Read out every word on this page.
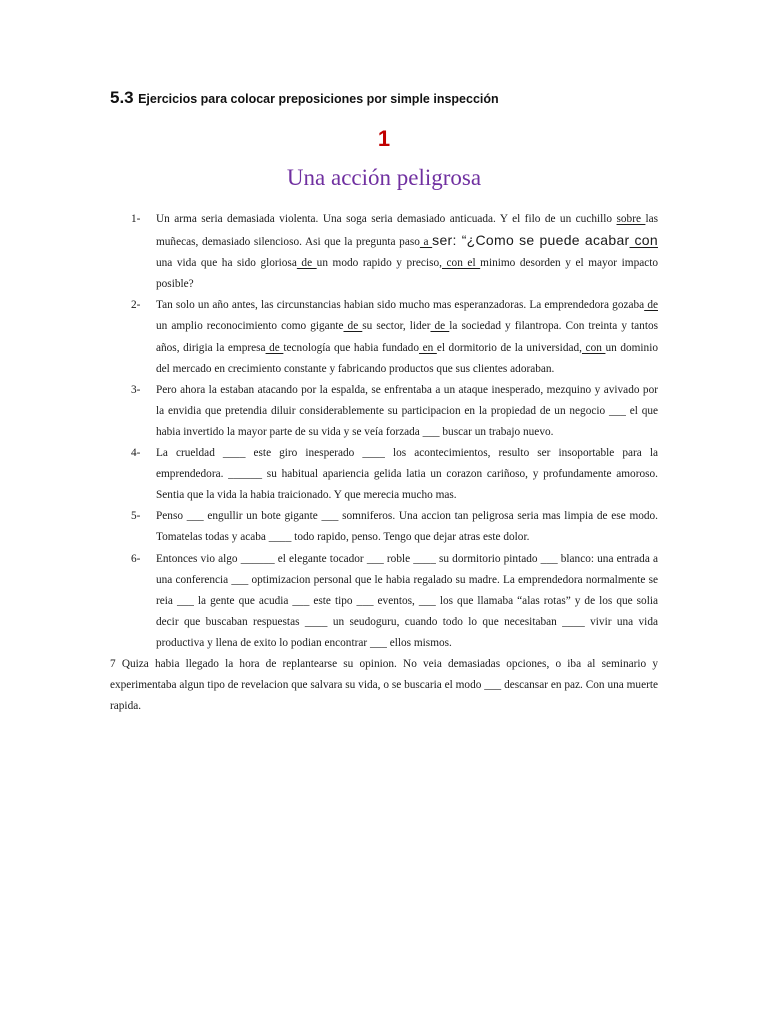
5.3 Ejercicios para colocar preposiciones por simple inspección
1
Una acción peligrosa
1- Un arma seria demasiada violenta. Una soga seria demasiado anticuada. Y el filo de un cuchillo sobre las muñecas, demasiado silencioso. Asi que la pregunta paso a ser: “¿Como se puede acabar con una vida que ha sido gloriosa de un modo rapido y preciso, con el minimo desorden y el mayor impacto posible?
2- Tan solo un año antes, las circunstancias habian sido mucho mas esperanzadoras. La emprendedora gozaba de un amplio reconocimiento como gigante de su sector, lider de la sociedad y filantropa. Con treinta y tantos años, dirigia la empresa de tecnología que habia fundado en el dormitorio de la universidad, con un dominio del mercado en crecimiento constante y fabricando productos que sus clientes adoraban.
3- Pero ahora la estaban atacando por la espalda, se enfrentaba a un ataque inesperado, mezquino y avivado por la envidia que pretendia diluir considerablemente su participacion en la propiedad de un negocio ___ el que habia invertido la mayor parte de su vida y se veía forzada ___ buscar un trabajo nuevo.
4- La crueldad ____ este giro inesperado ____ los acontecimientos, resulto ser insoportable para la emprendedora. ______ su habitual apariencia gelida latia un corazon cariñoso, y profundamente amoroso. Sentia que la vida la habia traicionado. Y que merecia mucho mas.
5- Penso ___ engullir un bote gigante ___ somniferos. Una accion tan peligrosa seria mas limpia de ese modo. Tomatelas todas y acaba ____ todo rapido, penso. Tengo que dejar atras este dolor.
6- Entonces vio algo ______ el elegante tocador ___ roble ____ su dormitorio pintado ___ blanco: una entrada a una conferencia ___ optimizacion personal que le habia regalado su madre. La emprendedora normalmente se reia ___ la gente que acudia ___ este tipo ___ eventos, ___ los que llamaba “alas rotas” y de los que solia decir que buscaban respuestas ____ un seudoguru, cuando todo lo que necesitaban ____ vivir una vida productiva y llena de exito lo podian encontrar ___ ellos mismos.
7 Quiza habia llegado la hora de replantearse su opinion. No veia demasiadas opciones, o iba al seminario y experimentaba algun tipo de revelacion que salvara su vida, o se buscaria el modo ___ descansar en paz. Con una muerte rapida.
